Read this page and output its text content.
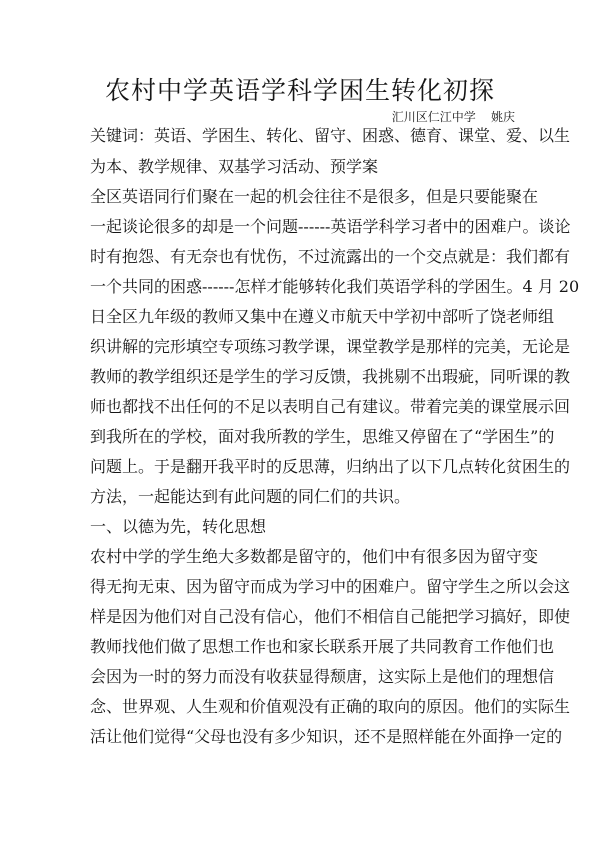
农村中学英语学科学困生转化初探
汇川区仁江中学    姚庆
关键词：英语、学困生、转化、留守、困惑、德育、课堂、爱、以生
为本、教学规律、双基学习活动、预学案
全区英语同行们聚在一起的机会往往不是很多，但是只要能聚在
一起谈论很多的却是一个问题------英语学科学习者中的困难户。谈论
时有抱怨、有无奈也有忧伤，不过流露出的一个交点就是：我们都有
一个共同的困惑------怎样才能够转化我们英语学科的学困生。4 月 20
日全区九年级的教师又集中在遵义市航天中学初中部听了饶老师组
织讲解的完形填空专项练习教学课，课堂教学是那样的完美，无论是
教师的教学组织还是学生的学习反馈，我挑剔不出瑕疵，同听课的教
师也都找不出任何的不足以表明自己有建议。带着完美的课堂展示回
到我所在的学校，面对我所教的学生，思维又停留在了“学困生”的
问题上。于是翻开我平时的反思薄，归纳出了以下几点转化贫困生的
方法，一起能达到有此问题的同仁们的共识。
一、以德为先，转化思想
农村中学的学生绝大多数都是留守的，他们中有很多因为留守变
得无拘无束、因为留守而成为学习中的困难户。留守学生之所以会这
样是因为他们对自己没有信心，他们不相信自己能把学习搞好，即使
教师找他们做了思想工作也和家长联系开展了共同教育工作他们也
会因为一时的努力而没有收获显得颓唐，这实际上是他们的理想信
念、世界观、人生观和价值观没有正确的取向的原因。他们的实际生
活让他们觉得“父母也没有多少知识，还不是照样能在外面挣一定的
